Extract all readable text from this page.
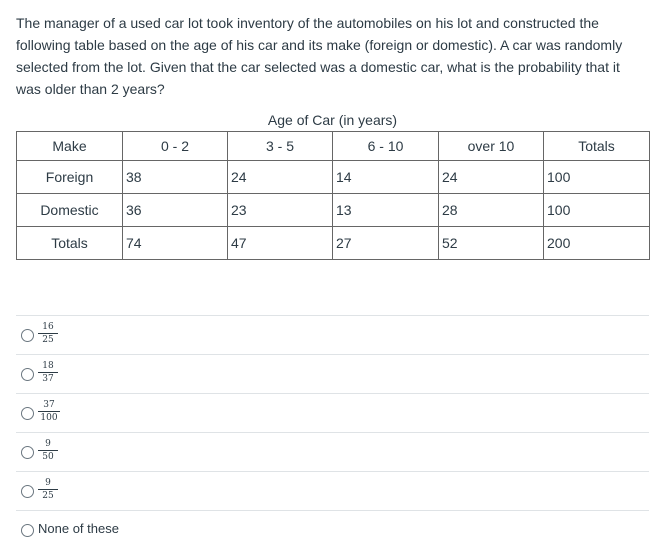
The manager of a used car lot took inventory of the automobiles on his lot and constructed the following table based on the age of his car and its make (foreign or domestic). A car was randomly selected from the lot. Given that the car selected was a domestic car, what is the probability that it was older than 2 years?

Age of Car (in years)
Make	0 - 2	3 - 5	6 - 10	over 10	Totals
Foreign	38	24	14	24	100
Domestic	36	23	13	28	100
Totals	74	47	27	52	200
16
25
18
37
37
100
9
50
9
25
None of these
